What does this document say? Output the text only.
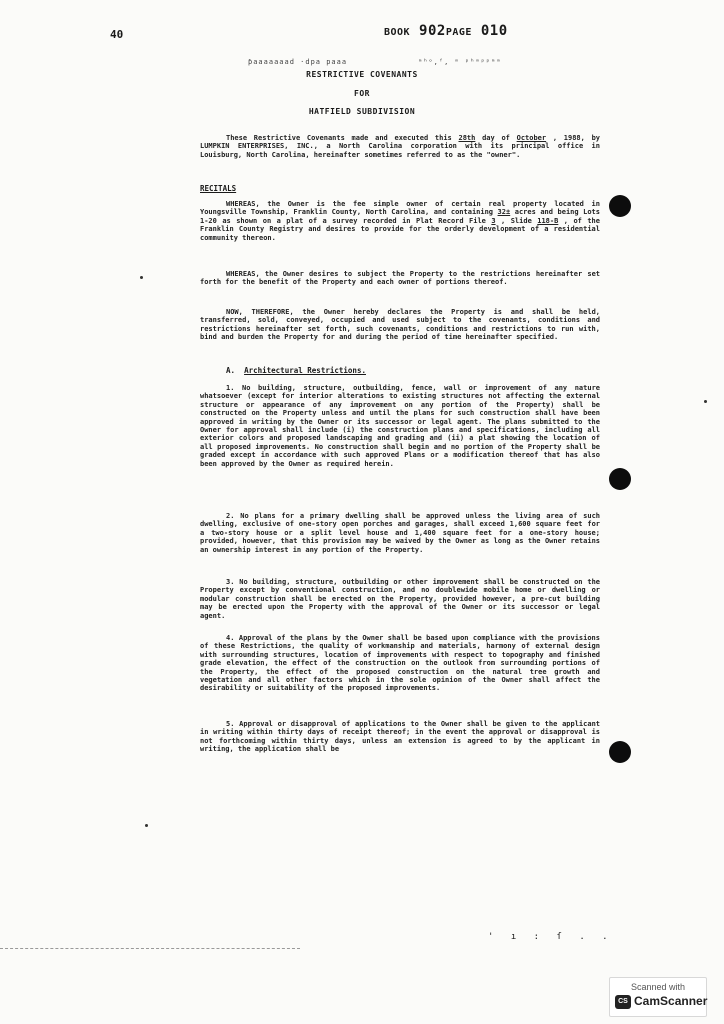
40	BOOK 902PAGE 010
ƥaaaaaaad ·dpa paaa	ᵐʰᵒ,ᶠ, ᵐ ᵖʰᵐᵖᵖᵐᵐ
RESTRICTIVE COVENANTS
FOR
HATFIELD SUBDIVISION
These Restrictive Covenants made and executed this 28th day of October , 1988, by LUMPKIN ENTERPRISES, INC., a North Carolina corporation with its principal office in Louisburg, North Carolina, hereinafter sometimes referred to as the "owner".
RECITALS
WHEREAS, the Owner is the fee simple owner of certain real property located in Youngsville Township, Franklin County, North Carolina, and containing 32± acres and being Lots 1-20 as shown on a plat of a survey recorded in Plat Record File 3 , Slide 118-B , of the Franklin County Registry and desires to provide for the orderly development of a residential community thereon.
WHEREAS, the Owner desires to subject the Property to the restrictions hereinafter set forth for the benefit of the Property and each owner of portions thereof.
NOW, THEREFORE, the Owner hereby declares the Property is and shall be held, transferred, sold, conveyed, occupied and used subject to the covenants, conditions and restrictions hereinafter set forth, such covenants, conditions and restrictions to run with, bind and burden the Property for and during the period of time hereinafter specified.
A. Architectural Restrictions.
1. No building, structure, outbuilding, fence, wall or improvement of any nature whatsoever (except for interior alterations to existing structures not affecting the external structure or appearance of any improvement on any portion of the Property) shall be constructed on the Property unless and until the plans for such construction shall have been approved in writing by the Owner or its successor or legal agent. The plans submitted to the Owner for approval shall include (i) the construction plans and specifications, including all exterior colors and proposed landscaping and grading and (ii) a plat showing the location of all proposed improvements. No construction shall begin and no portion of the Property shall be graded except in accordance with such approved Plans or a modification thereof that has also been approved by the Owner as required herein.
2. No plans for a primary dwelling shall be approved unless the living area of such dwelling, exclusive of one-story open porches and garages, shall exceed 1,600 square feet for a two-story house or a split level house and 1,400 square feet for a one-story house; provided, however, that this provision may be waived by the Owner as long as the Owner retains an ownership interest in any portion of the Property.
3. No building, structure, outbuilding or other improvement shall be constructed on the Property except by conventional construction, and no doublewide mobile home or dwelling or modular construction shall be erected on the Property, provided however, a pre-cut building may be erected upon the Property with the approval of the Owner or its successor or legal agent.
4. Approval of the plans by the Owner shall be based upon compliance with the provisions of these Restrictions, the quality of workmanship and materials, harmony of external design with surrounding structures, location of improvements with respect to topography and finished grade elevation, the effect of the construction on the outlook from surrounding portions of the Property, the effect of the proposed construction on the natural tree growth and vegetation and all other factors which in the sole opinion of the Owner shall affect the desirability or suitability of the proposed improvements.
5. Approval or disapproval of applications to the Owner shall be given to the applicant in writing within thirty days of receipt thereof; in the event the approval or disapproval is not forthcoming within thirty days, unless an extension is agreed to by the applicant in writing, the application shall be
' ı : ſ . .
Scanned with
CS CamScanner
